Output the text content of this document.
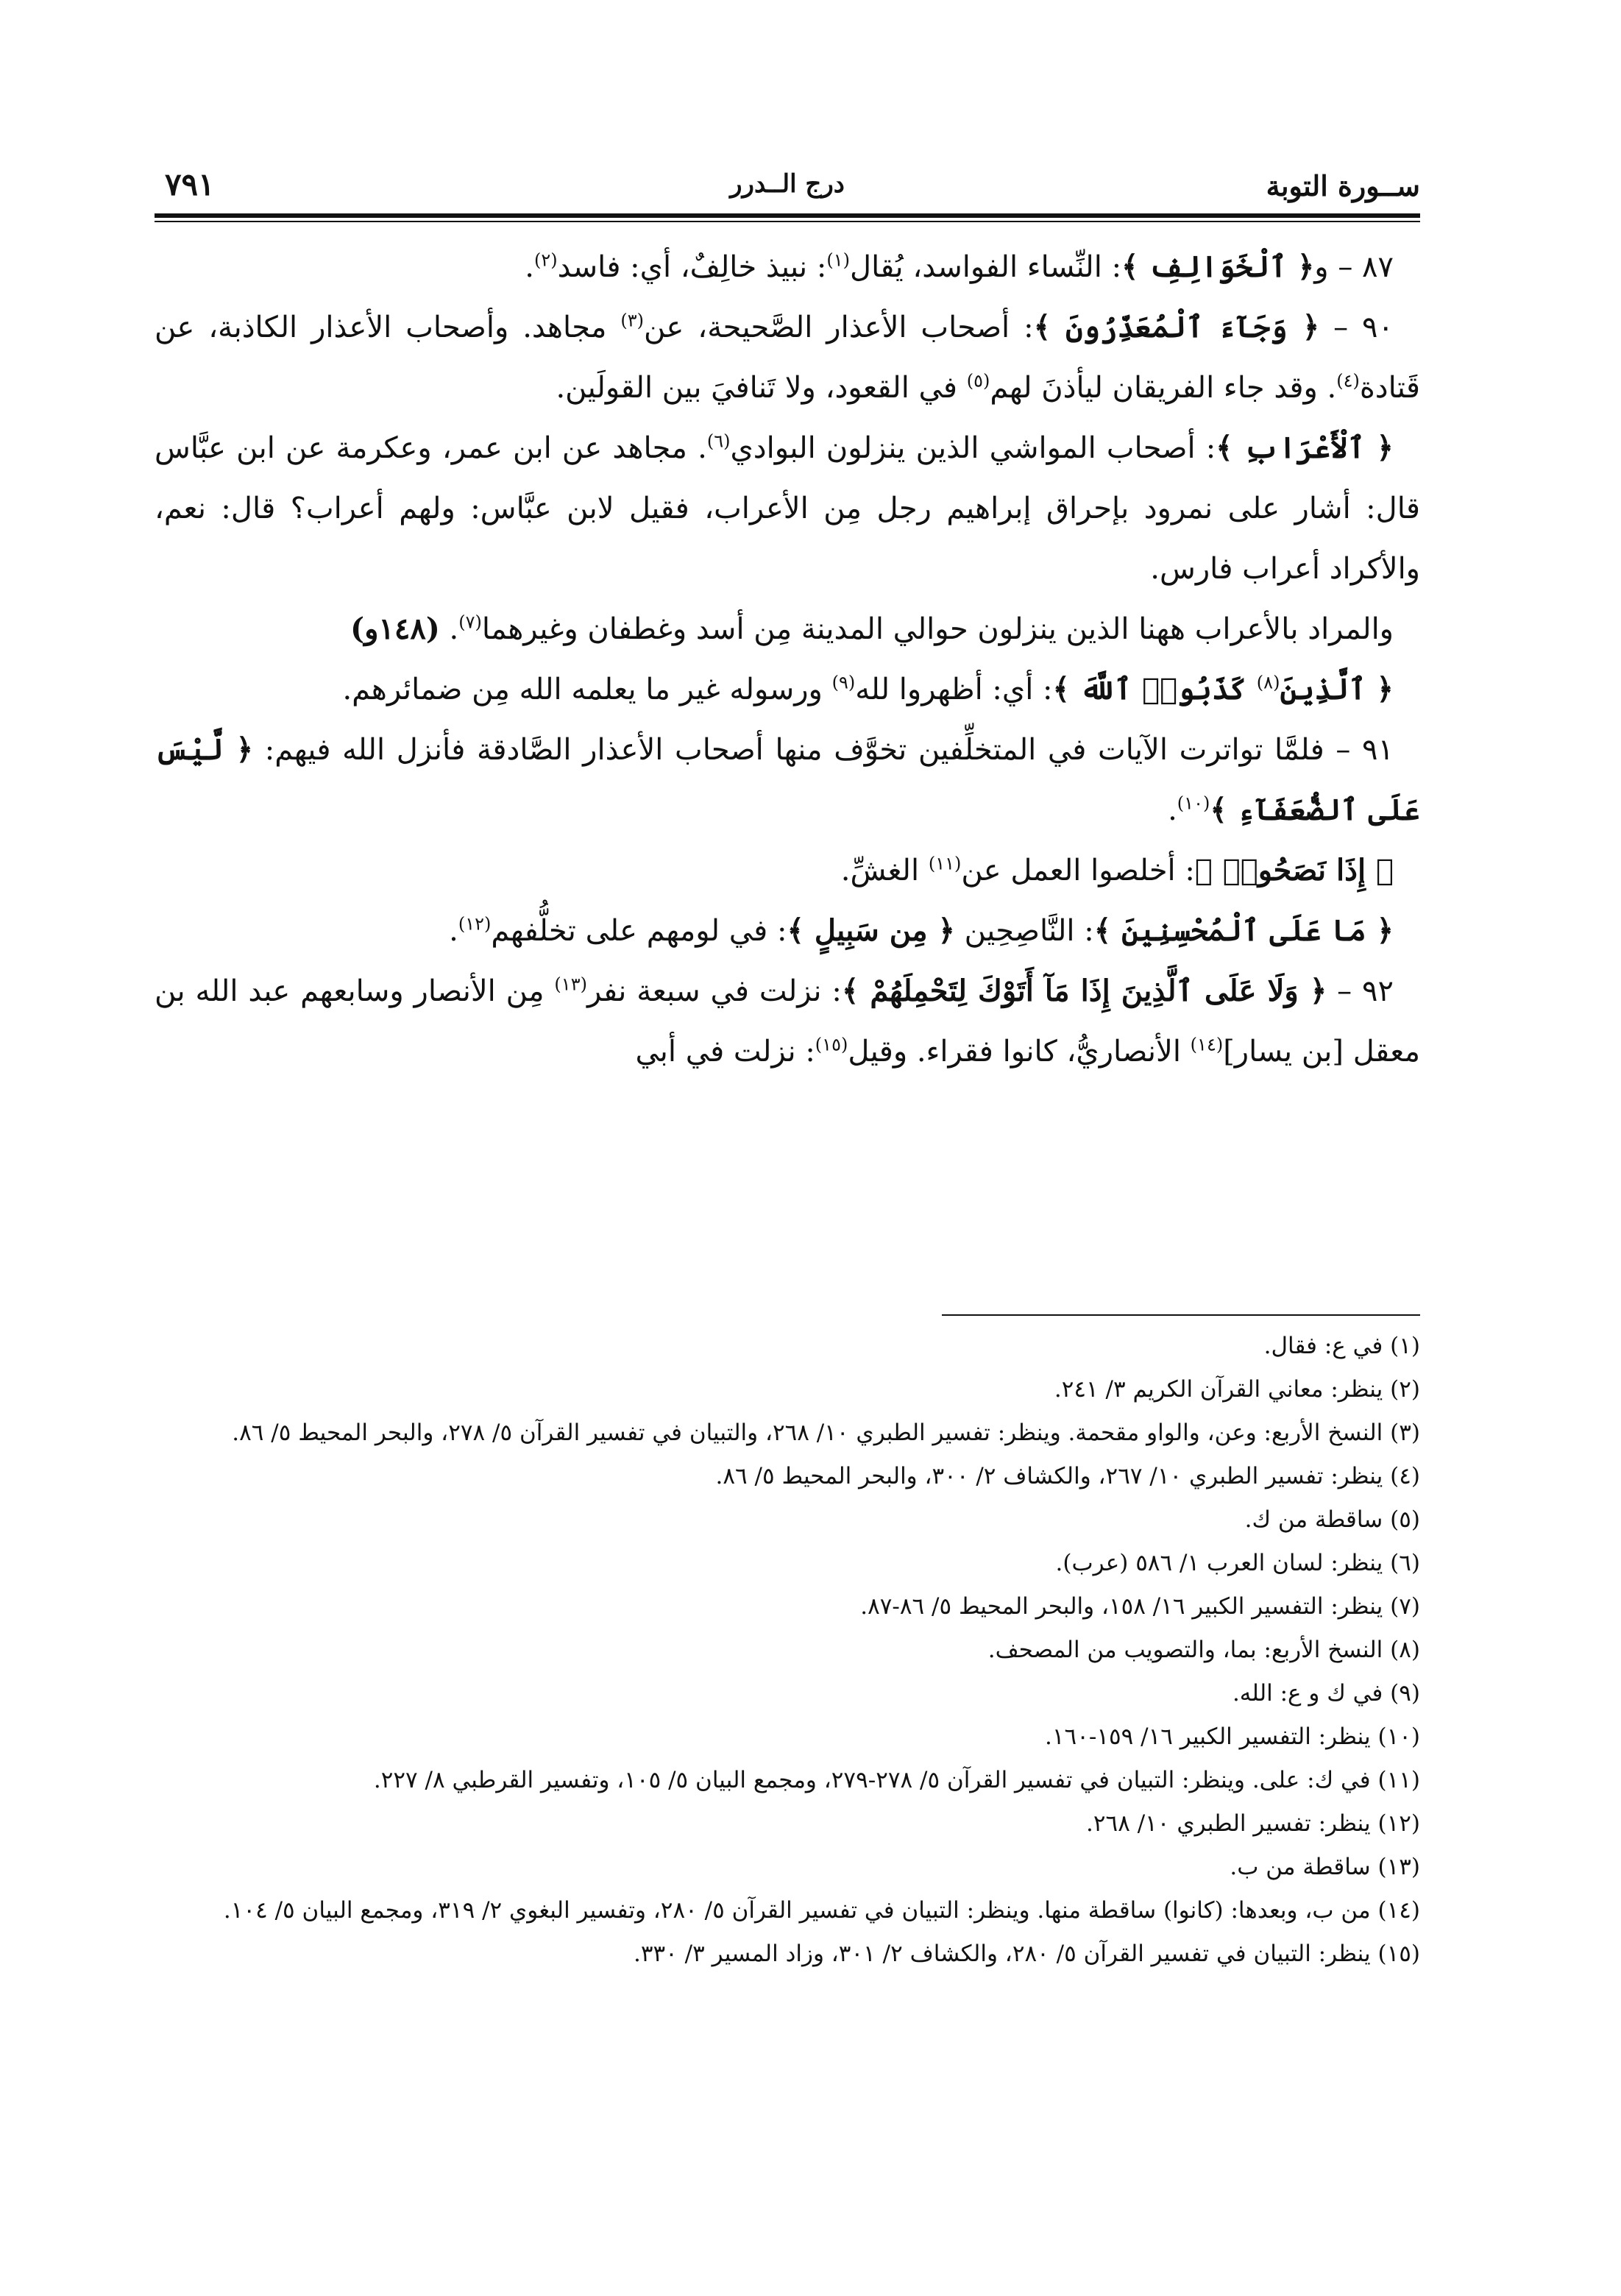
ســورة التوبة
درج الــدرر
٧٩١

٨٧ – و﴿ ٱلْخَوَالِفِ ﴾: النِّساء الفواسد، يُقال$^{(١)}$: نبيذ خالِفٌ، أي: فاسد$^{(٢)}$.

٩٠ – ﴿ وَجَآءَ ٱلْمُعَذِّرُونَ ﴾: أصحاب الأعذار الصَّحيحة، عن$^{(٣)}$ مجاهد. وأصحاب الأعذار الكاذبة، عن قَتادة$^{(٤)}$. وقد جاء الفريقان ليأذنَ لهم$^{(٥)}$ في القعود، ولا تَنافيَ بين القولَين.

﴿ ٱلْأَعْرَابِ ﴾: أصحاب المواشي الذين ينزلون البوادي$^{(٦)}$. مجاهد عن ابن عمر، وعكرمة عن ابن عبَّاس قال: أشار على نمرود بإحراق إبراهيم رجل مِن الأعراب، فقيل لابن عبَّاس: ولهم أعراب؟ قال: نعم، والأكراد أعراب فارس.

والمراد بالأعراب ههنا الذين ينزلون حوالي المدينة مِن أسد وغطفان وغيرهما$^{(٧)}$. (١٤٨و)

﴿ ٱلَّذِينَ$^{(٨)}$ كَذَبُوا۟ ٱللَّهَ ﴾: أي: أظهروا لله$^{(٩)}$ ورسوله غير ما يعلمه الله مِن ضمائرهم.

٩١ – فلمَّا تواترت الآيات في المتخلِّفين تخوَّف منها أصحاب الأعذار الصَّادقة فأنزل الله فيهم: ﴿ لَّيْسَ عَلَى ٱلضُّعَفَآءِ ﴾$^{(١٠)}$.

﴿ إِذَا نَصَحُوا۟ ﴾: أخلصوا العمل عن$^{(١١)}$ الغشِّ.

﴿ مَا عَلَى ٱلْمُحْسِنِينَ ﴾: النَّاصِحِين ﴿ مِن سَبِيلٍ ﴾: في لومهم على تخلُّفهم$^{(١٢)}$.

٩٢ – ﴿ وَلَا عَلَى ٱلَّذِينَ إِذَا مَآ أَتَوْكَ لِتَحْمِلَهُمْ ﴾: نزلت في سبعة نفر$^{(١٣)}$ مِن الأنصار وسابعهم عبد الله بن معقل [بن يسار]$^{(١٤)}$ الأنصاريُّ، كانوا فقراء. وقيل$^{(١٥)}$: نزلت في أبي

(١) في ع: فقال.

(٢) ينظر: معاني القرآن الكريم ٣/ ٢٤١.

(٣) النسخ الأربع: وعن، والواو مقحمة. وينظر: تفسير الطبري ١٠/ ٢٦٨، والتبيان في تفسير القرآن ٥/ ٢٧٨، والبحر المحيط ٥/ ٨٦.

(٤) ينظر: تفسير الطبري ١٠/ ٢٦٧، والكشاف ٢/ ٣٠٠، والبحر المحيط ٥/ ٨٦.

(٥) ساقطة من ك.

(٦) ينظر: لسان العرب ١/ ٥٨٦ (عرب).

(٧) ينظر: التفسير الكبير ١٦/ ١٥٨، والبحر المحيط ٥/ ٨٦-٨٧.

(٨) النسخ الأربع: بما، والتصويب من المصحف.

(٩) في ك و ع: الله.

(١٠) ينظر: التفسير الكبير ١٦/ ١٥٩-١٦٠.

(١١) في ك: على. وينظر: التبيان في تفسير القرآن ٥/ ٢٧٨-٢٧٩، ومجمع البيان ٥/ ١٠٥، وتفسير القرطبي ٨/ ٢٢٧.

(١٢) ينظر: تفسير الطبري ١٠/ ٢٦٨.

(١٣) ساقطة من ب.

(١٤) من ب، وبعدها: (كانوا) ساقطة منها. وينظر: التبيان في تفسير القرآن ٥/ ٢٨٠، وتفسير البغوي ٢/ ٣١٩، ومجمع البيان ٥/ ١٠٤.

(١٥) ينظر: التبيان في تفسير القرآن ٥/ ٢٨٠، والكشاف ٢/ ٣٠١، وزاد المسير ٣/ ٣٣٠.
